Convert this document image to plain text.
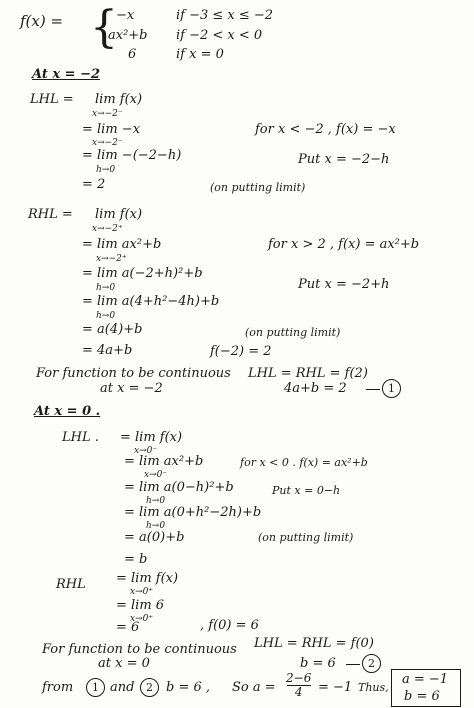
f(x) = {
−x	if −3 ≤ x ≤ −2
ax²+b if −2 < x < 0
6	if x = 0
At x = −2
LHL = lim f(x)
x→−2⁻
= lim −x
x→−2⁻
for x < −2 , f(x) = −x
= lim −(−2−h)
h→0
Put x = −2−h
= 2	(on putting limit)
RHL = lim f(x)
x→−2⁺
= lim ax²+b
x→−2⁺
for x > 2 , f(x) = ax²+b
= lim a(−2+h)²+b
h→0	Put x = −2+h
= lim a(4+h²−4h)+b
h→0
= a(4)+b	(on putting limit)
= 4a+b	f(−2) = 2
For function to be continuous
at x = −2
LHL = RHL = f(2)
4a+b = 2	1
At x = 0 .
LHL . = lim f(x)
x→0⁻
= lim ax²+b
x→0⁻
for x < 0 . f(x) = ax²+b
= lim a(0−h)²+b
h→0
Put x = 0−h
= lim a(0+h²−2h)+b
h→0
= a(0)+b	(on putting limit)
= b
RHL = lim f(x)
x→0⁺
= lim 6
x→0⁺
= 6	, f(0) = 6
For function to be continuous
at x = 0
LHL = RHL = f(0)
b = 6	2
from	1 and	2	b = 6 , So a =
2−6
4 = −1 Thus,
a = −1
b = 6
